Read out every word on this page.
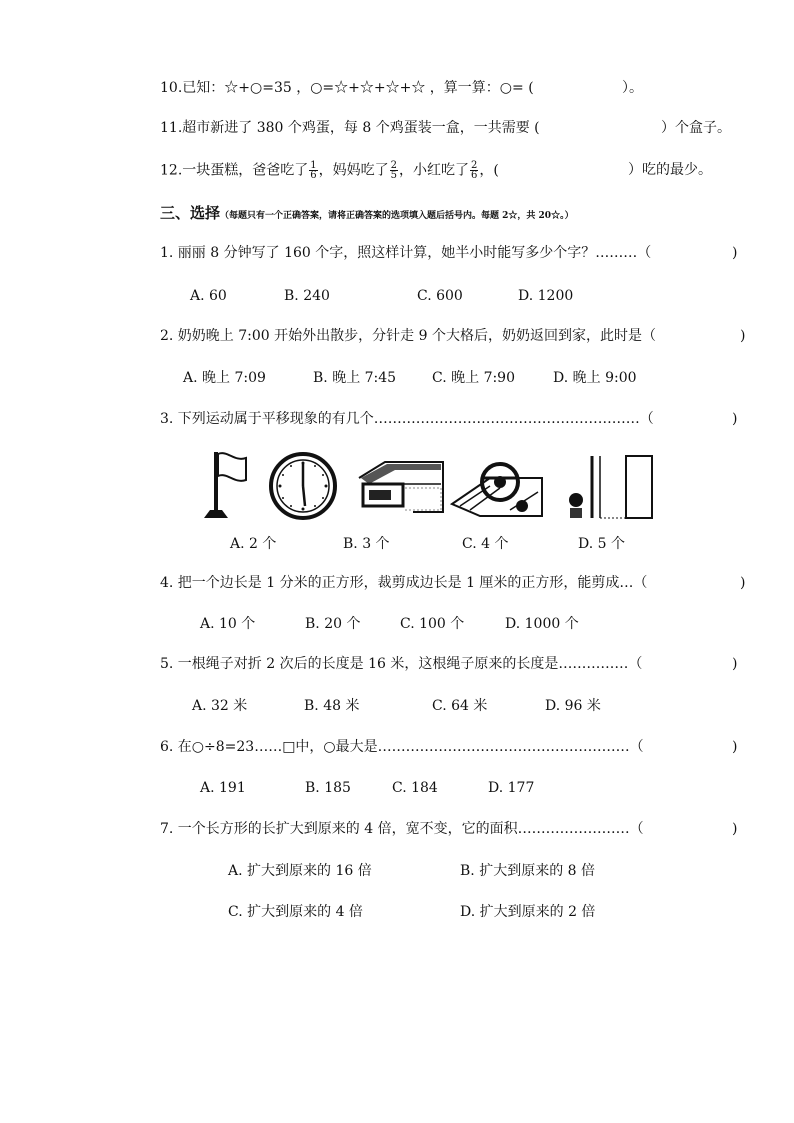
10.已知：☆+○=35 ，○=☆+☆+☆+☆ ，算一算：○= (	）。
11.超市新进了 380 个鸡蛋，每 8 个鸡蛋装一盒，一共需要 (	）个盒子。
12.一块蛋糕，爸爸吃了 $\frac{1}{6}$ ，妈妈吃了 $\frac{2}{5}$ ，小红吃了 $\frac{2}{6}$ ，(	）吃的最少。
三、选择（每题只有一个正确答案，请将正确答案的选项填入题后括号内。每题 2☆，共 20☆。）
1. 丽丽 8 分钟写了 160 个字，照这样计算，她半小时能写多少个字？………（	)
A. 60	B. 240	C. 600	D. 1200
2. 奶奶晚上 7:00 开始外出散步，分针走 9 个大格后，奶奶返回到家，此时是（	)
A. 晚上 7:09	B. 晚上 7:45	C. 晚上 7:90	D. 晚上 9:00
3. 下列运动属于平移现象的有几个…………………………………………………（	)
A. 2 个	B. 3 个	C. 4 个	D. 5 个
4. 把一个边长是 1 分米的正方形，裁剪成边长是 1 厘米的正方形，能剪成…（	)
A. 10 个	B. 20 个	C. 100 个	D. 1000 个
5. 一根绳子对折 2 次后的长度是 16 米，这根绳子原来的长度是……………（	)
A. 32 米	B. 48 米	C. 64 米	D. 96 米
6. 在○÷8=23……□中，○最大是………………………………………………（	)
A. 191	B. 185	C. 184	D. 177
7. 一个长方形的长扩大到原来的 4 倍，宽不变，它的面积……………………（	)
A. 扩大到原来的 16 倍	B. 扩大到原来的 8 倍
C. 扩大到原来的 4 倍	D. 扩大到原来的 2 倍
